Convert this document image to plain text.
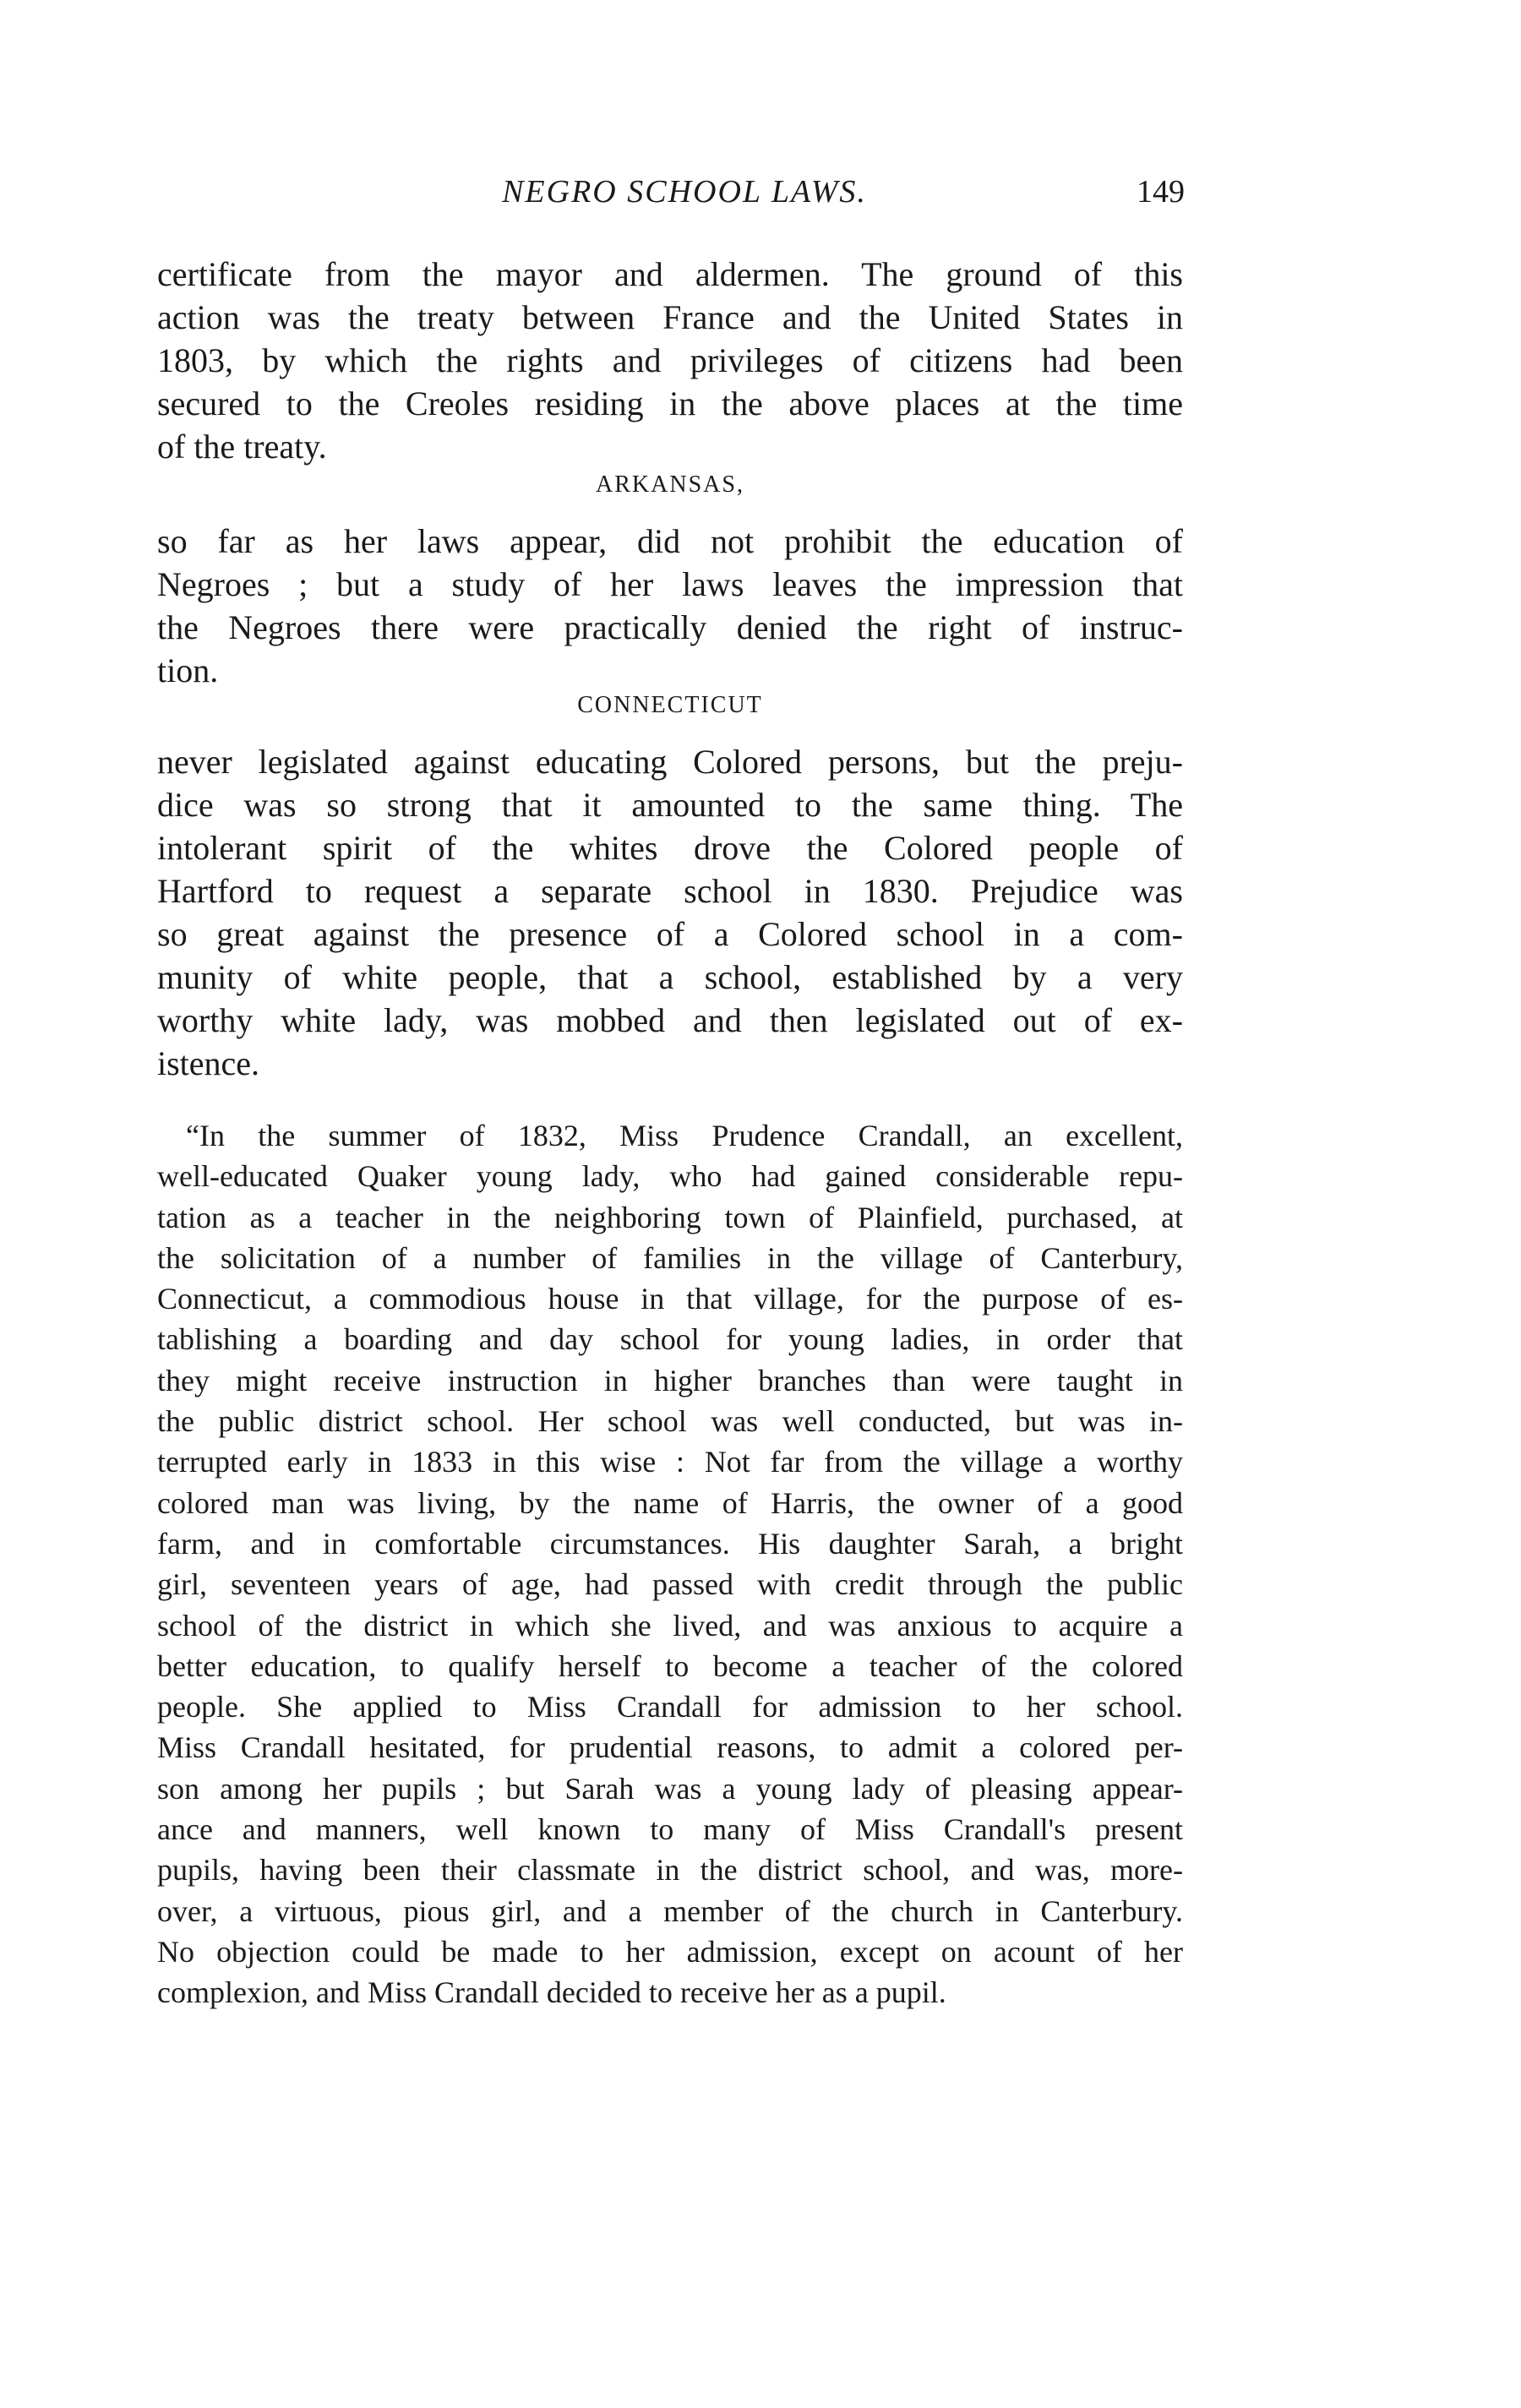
NEGRO SCHOOL LAWS.	149
certificate from the mayor and aldermen. The ground of this
action was the treaty between France and the United States in
1803, by which the rights and privileges of citizens had been
secured to the Creoles residing in the above places at the time
of the treaty.
ARKANSAS,
so far as her laws appear, did not prohibit the education of
Negroes ; but a study of her laws leaves the impression that
the Negroes there were practically denied the right of instruc-
tion.
CONNECTICUT
never legislated against educating Colored persons, but the preju-
dice was so strong that it amounted to the same thing. The
intolerant spirit of the whites drove the Colored people of
Hartford to request a separate school in 1830. Prejudice was
so great against the presence of a Colored school in a com-
munity of white people, that a school, established by a very
worthy white lady, was mobbed and then legislated out of ex-
istence.
“In the summer of 1832, Miss Prudence Crandall, an excellent,
well-educated Quaker young lady, who had gained considerable repu-
tation as a teacher in the neighboring town of Plainfield, purchased, at
the solicitation of a number of families in the village of Canterbury,
Connecticut, a commodious house in that village, for the purpose of es-
tablishing a boarding and day school for young ladies, in order that
they might receive instruction in higher branches than were taught in
the public district school. Her school was well conducted, but was in-
terrupted early in 1833 in this wise : Not far from the village a worthy
colored man was living, by the name of Harris, the owner of a good
farm, and in comfortable circumstances. His daughter Sarah, a bright
girl, seventeen years of age, had passed with credit through the public
school of the district in which she lived, and was anxious to acquire a
better education, to qualify herself to become a teacher of the colored
people. She applied to Miss Crandall for admission to her school.
Miss Crandall hesitated, for prudential reasons, to admit a colored per-
son among her pupils ; but Sarah was a young lady of pleasing appear-
ance and manners, well known to many of Miss Crandall's present
pupils, having been their classmate in the district school, and was, more-
over, a virtuous, pious girl, and a member of the church in Canterbury.
No objection could be made to her admission, except on acount of her
complexion, and Miss Crandall decided to receive her as a pupil.
